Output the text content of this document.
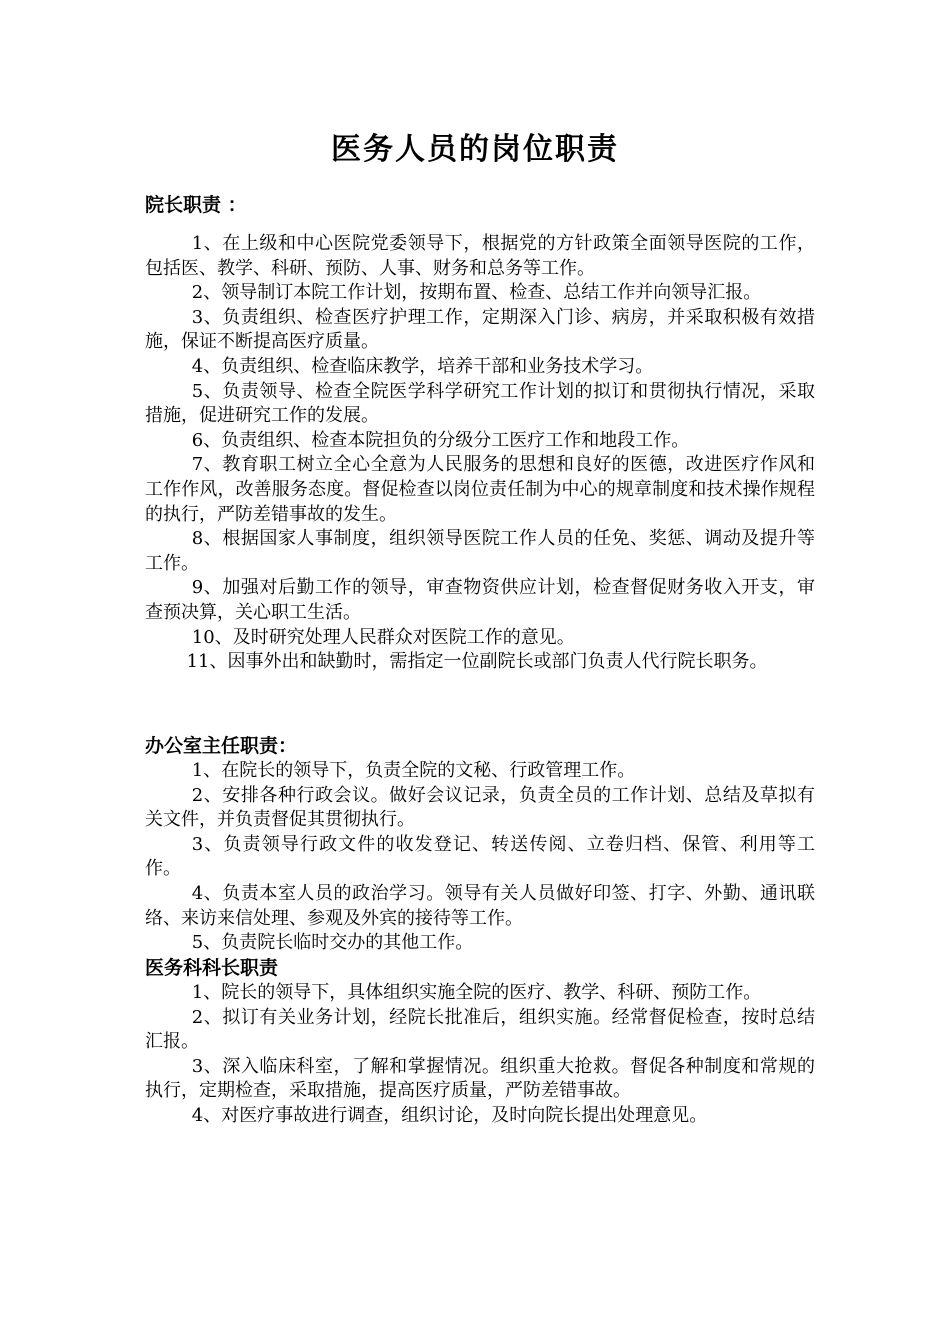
医务人员的岗位职责

院长职责 ：

1、在上级和中心医院党委领导下，根据党的方针政策全面领导医院的工作，包括医、教学、科研、预防、人事、财务和总务等工作。

2、领导制订本院工作计划，按期布置、检查、总结工作并向领导汇报。

3、负责组织、检查医疗护理工作，定期深入门诊、病房，并采取积极有效措施，保证不断提高医疗质量。

4、负责组织、检查临床教学，培养干部和业务技术学习。

5、负责领导、检查全院医学科学研究工作计划的拟订和贯彻执行情况，采取措施，促进研究工作的发展。

6、负责组织、检查本院担负的分级分工医疗工作和地段工作。

7、教育职工树立全心全意为人民服务的思想和良好的医德，改进医疗作风和工作作风，改善服务态度。督促检查以岗位责任制为中心的规章制度和技术操作规程的执行，严防差错事故的发生。

8、根据国家人事制度，组织领导医院工作人员的任免、奖惩、调动及提升等工作。

9、加强对后勤工作的领导，审查物资供应计划，检查督促财务收入开支，审查预决算，关心职工生活。

10、及时研究处理人民群众对医院工作的意见。

11、因事外出和缺勤时，需指定一位副院长或部门负责人代行院长职务。

办公室主任职责：

1、在院长的领导下，负责全院的文秘、行政管理工作。

2、安排各种行政会议。做好会议记录，负责全员的工作计划、总结及草拟有关文件，并负责督促其贯彻执行。

3、负责领导行政文件的收发登记、转送传阅、立卷归档、保管、利用等工作。

4、负责本室人员的政治学习。领导有关人员做好印签、打字、外勤、通讯联络、来访来信处理、参观及外宾的接待等工作。

5、负责院长临时交办的其他工作。

医务科科长职责

1、院长的领导下，具体组织实施全院的医疗、教学、科研、预防工作。

2、拟订有关业务计划，经院长批准后，组织实施。经常督促检查，按时总结汇报。

3、深入临床科室，了解和掌握情况。组织重大抢救。督促各种制度和常规的执行，定期检查，采取措施，提高医疗质量，严防差错事故。

4、对医疗事故进行调查，组织讨论，及时向院长提出处理意见。
